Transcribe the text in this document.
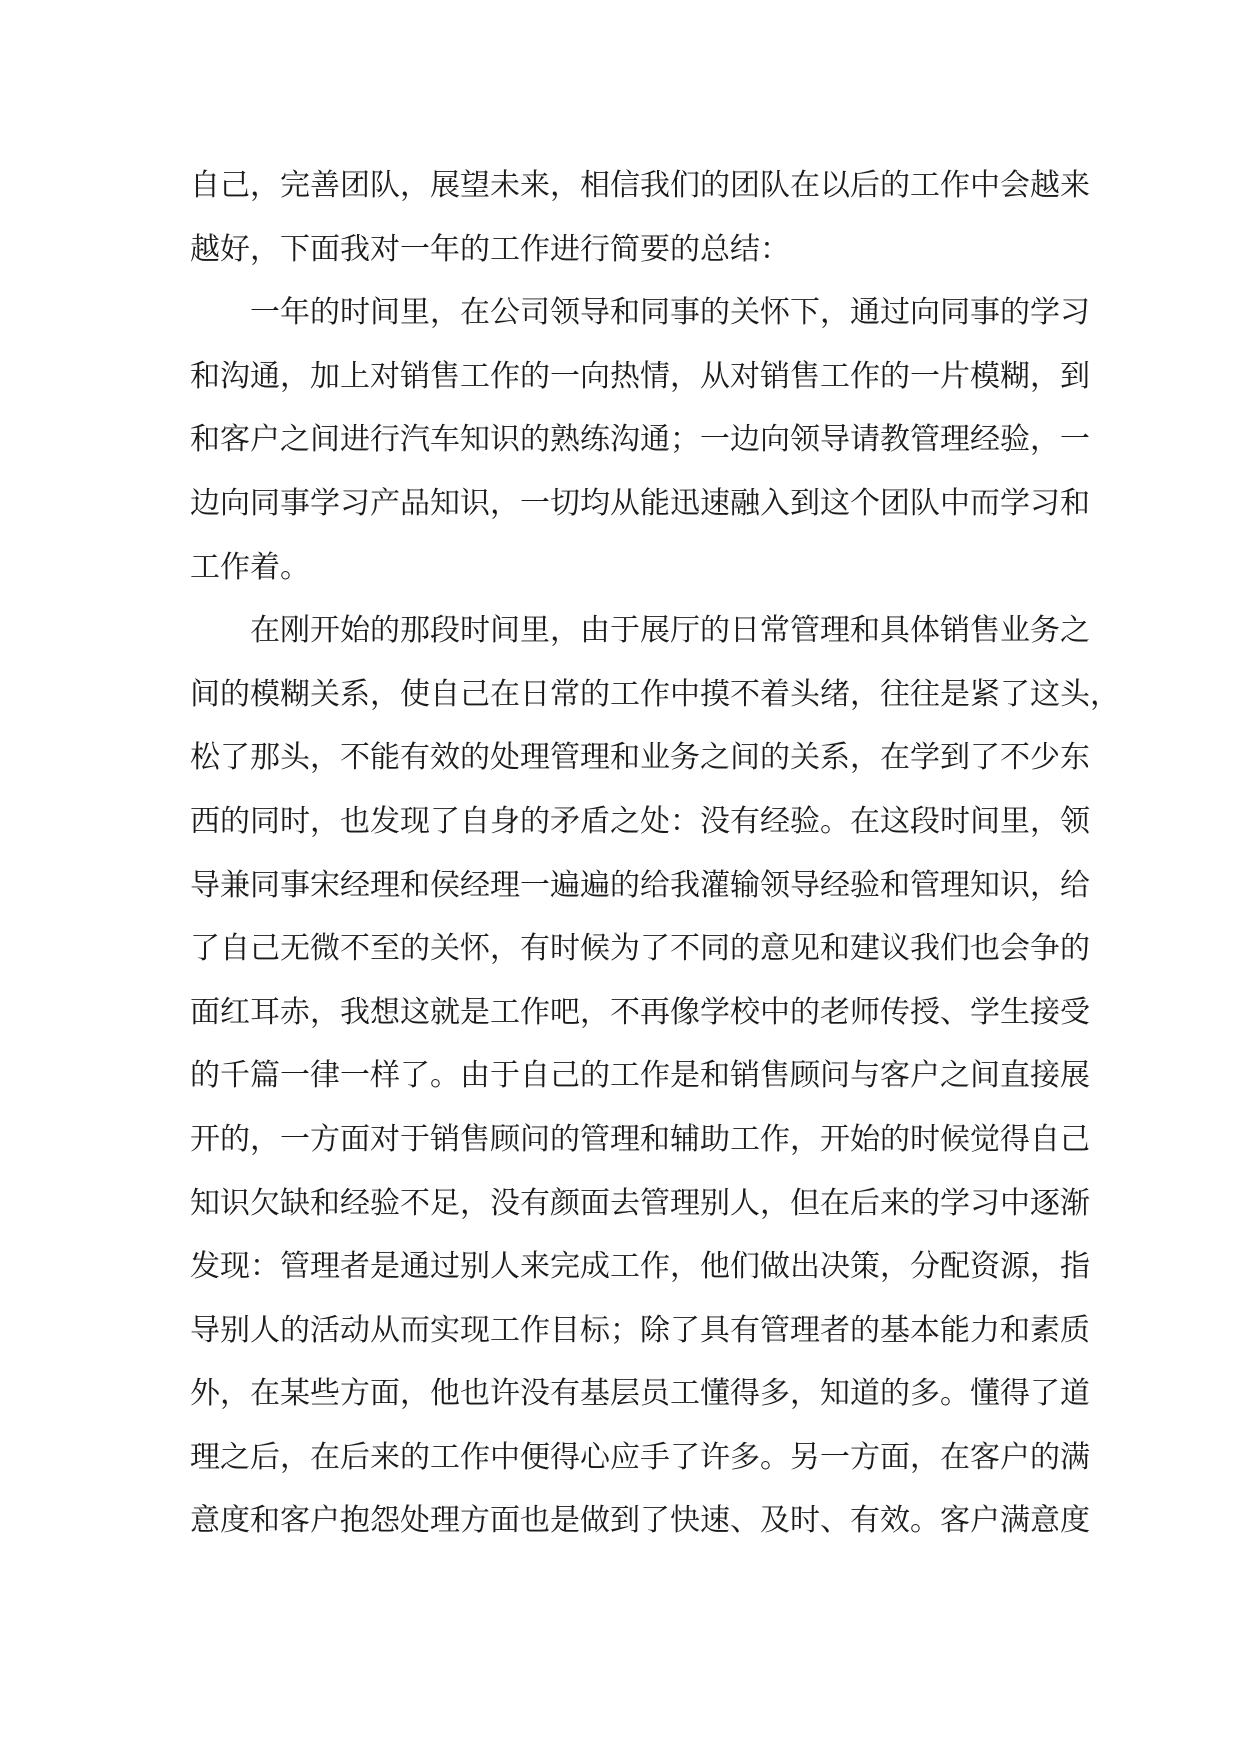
自己，完善团队，展望未来，相信我们的团队在以后的工作中会越来
越好，下面我对一年的工作进行简要的总结：
一年的时间里，在公司领导和同事的关怀下，通过向同事的学习
和沟通，加上对销售工作的一向热情，从对销售工作的一片模糊，到
和客户之间进行汽车知识的熟练沟通；一边向领导请教管理经验，一
边向同事学习产品知识，一切均从能迅速融入到这个团队中而学习和
工作着。
在刚开始的那段时间里，由于展厅的日常管理和具体销售业务之
间的模糊关系，使自己在日常的工作中摸不着头绪，往往是紧了这头，
松了那头，不能有效的处理管理和业务之间的关系，在学到了不少东
西的同时，也发现了自身的矛盾之处：没有经验。在这段时间里，领
导兼同事宋经理和侯经理一遍遍的给我灌输领导经验和管理知识，给
了自己无微不至的关怀，有时候为了不同的意见和建议我们也会争的
面红耳赤，我想这就是工作吧，不再像学校中的老师传授、学生接受
的千篇一律一样了。由于自己的工作是和销售顾问与客户之间直接展
开的，一方面对于销售顾问的管理和辅助工作，开始的时候觉得自己
知识欠缺和经验不足，没有颜面去管理别人，但在后来的学习中逐渐
发现：管理者是通过别人来完成工作，他们做出决策，分配资源，指
导别人的活动从而实现工作目标；除了具有管理者的基本能力和素质
外，在某些方面，他也许没有基层员工懂得多，知道的多。懂得了道
理之后，在后来的工作中便得心应手了许多。另一方面，在客户的满
意度和客户抱怨处理方面也是做到了快速、及时、有效。客户满意度
